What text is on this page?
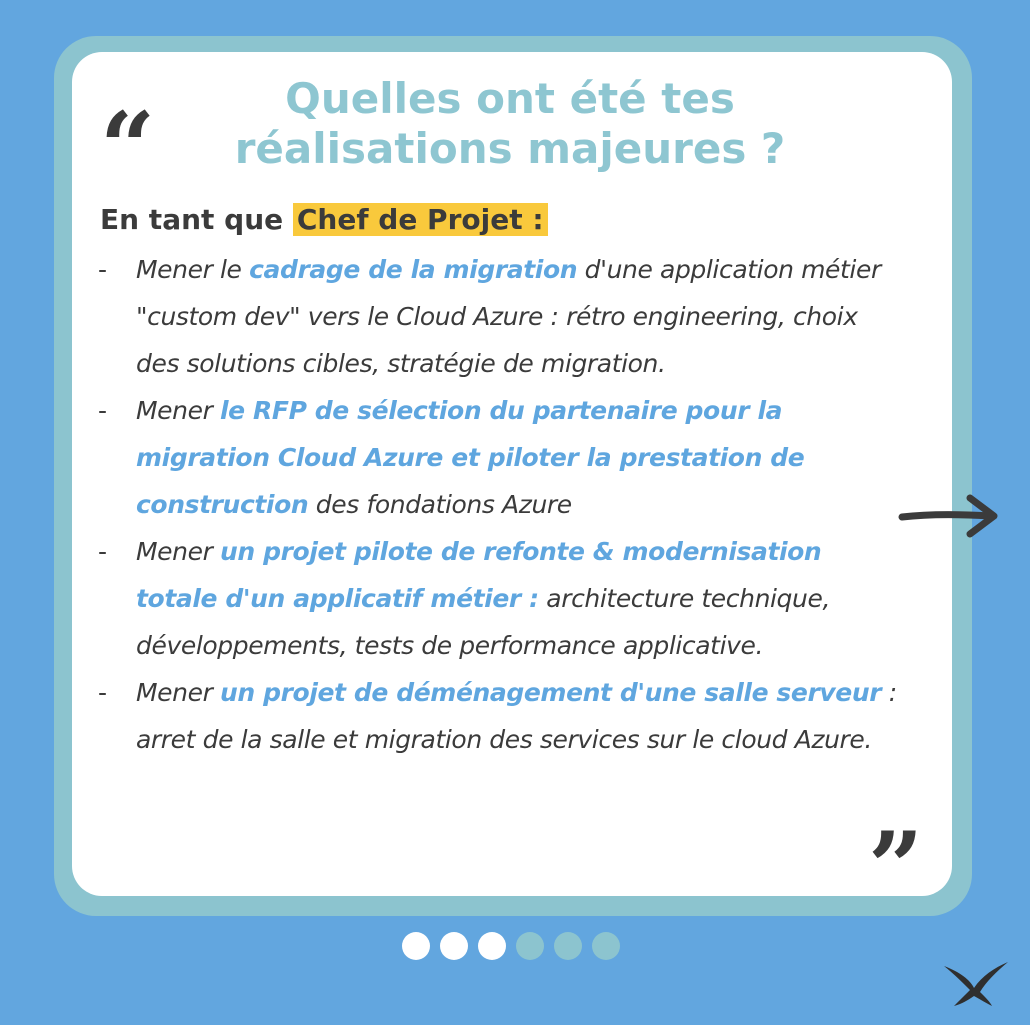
“	Quelles ont été tes
réalisations majeures ?
En tant que Chef de Projet :
-	Mener le cadrage de la migration d'une application métier "custom dev" vers le Cloud Azure : rétro engineering, choix des solutions cibles, stratégie de migration.
-	Mener le RFP de sélection du partenaire pour la migration Cloud Azure et piloter la prestation de construction des fondations Azure
-	Mener un projet pilote de refonte & modernisation totale d'un applicatif métier : architecture technique, développements, tests de performance applicative.
-	Mener un projet de déménagement d'une salle serveur : arret de la salle et migration des services sur le cloud Azure.
”
